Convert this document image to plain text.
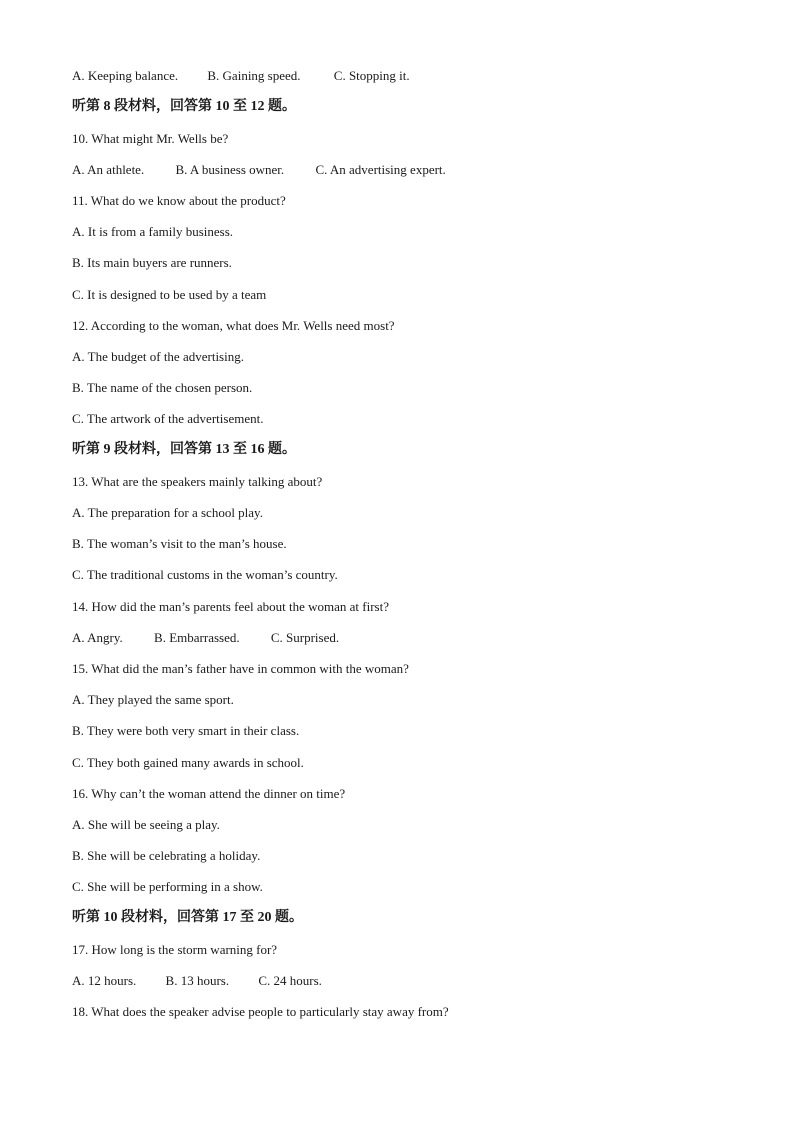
A. Keeping balance. B. Gaining speed.	C. Stopping it.
听第 8 段材料，回答第 10 至 12 题。
10. What might Mr. Wells be?
A. An athlete. B. A business owner. C. An advertising expert.
11. What do we know about the product?
A. It is from a family business.
B. Its main buyers are runners.
C. It is designed to be used by a team
12. According to the woman, what does Mr. Wells need most?
A. The budget of the advertising.
B. The name of the chosen person.
C. The artwork of the advertisement.
听第 9 段材料，回答第 13 至 16 题。
13. What are the speakers mainly talking about?
A. The preparation for a school play.
B. The woman’s visit to the man’s house.
C. The traditional customs in the woman’s country.
14. How did the man’s parents feel about the woman at first?
A. Angry. B. Embarrassed. C. Surprised.
15. What did the man’s father have in common with the woman?
A. They played the same sport.
B. They were both very smart in their class.
C. They both gained many awards in school.
16. Why can’t the woman attend the dinner on time?
A. She will be seeing a play.
B. She will be celebrating a holiday.
C. She will be performing in a show.
听第 10 段材料，回答第 17 至 20 题。
17. How long is the storm warning for?
A. 12 hours. B. 13 hours. C. 24 hours.
18. What does the speaker advise people to particularly stay away from?
